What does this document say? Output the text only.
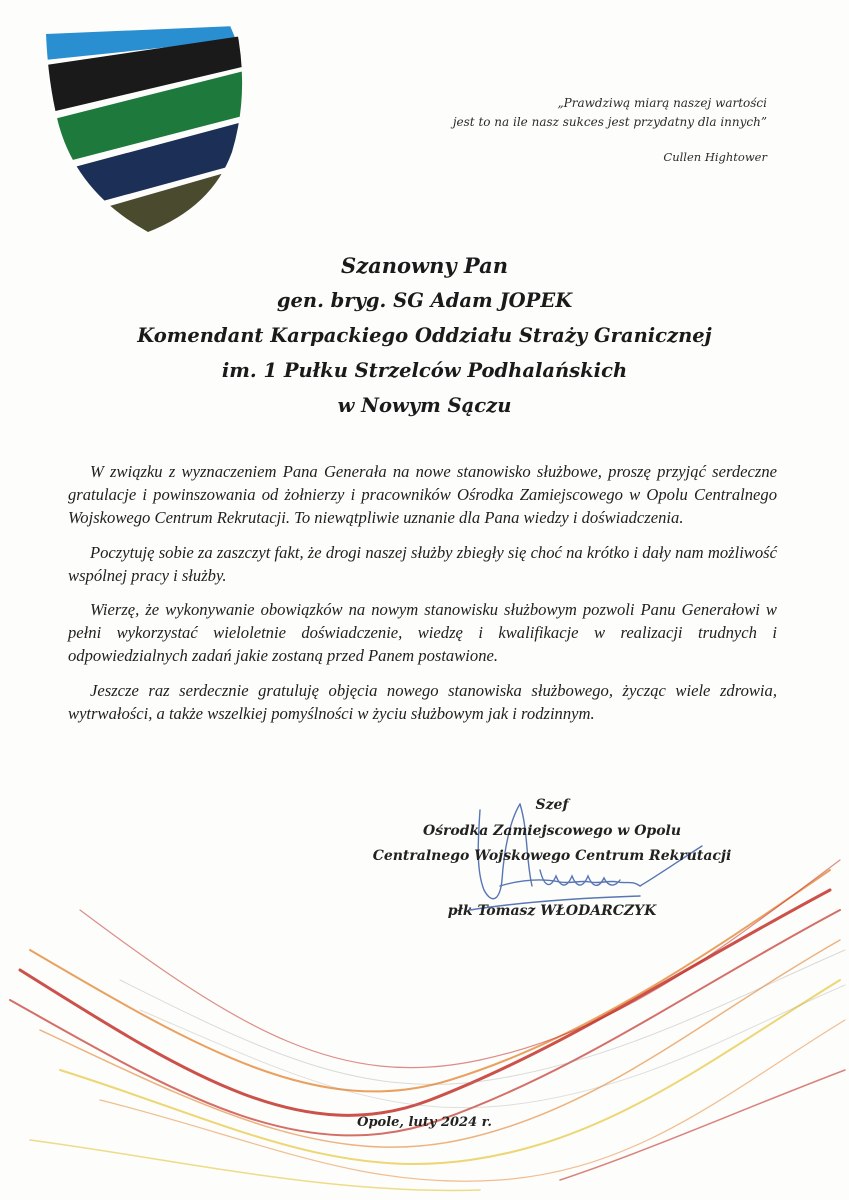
„Prawdziwą miarą naszej wartości
jest to na ile nasz sukces jest przydatny dla innych”
Cullen Hightower
Szanowny Pan
gen. bryg. SG Adam JOPEK
Komendant Karpackiego Oddziału Straży Granicznej
im. 1 Pułku Strzelców Podhalańskich
w Nowym Sączu

W związku z wyznaczeniem Pana Generała na nowe stanowisko służbowe, proszę przyjąć serdeczne gratulacje i powinszowania od żołnierzy i pracowników Ośrodka Zamiejscowego w Opolu Centralnego Wojskowego Centrum Rekrutacji. To niewątpliwie uznanie dla Pana wiedzy i doświadczenia.

Poczytuję sobie za zaszczyt fakt, że drogi naszej służby zbiegły się choć na krótko i dały nam możliwość wspólnej pracy i służby.

Wierzę, że wykonywanie obowiązków na nowym stanowisku służbowym pozwoli Panu Generałowi w pełni wykorzystać wieloletnie doświadczenie, wiedzę i kwalifikacje w realizacji trudnych i odpowiedzialnych zadań jakie zostaną przed Panem postawione.

Jeszcze raz serdecznie gratuluję objęcia nowego stanowiska służbowego, życząc wiele zdrowia, wytrwałości, a także wszelkiej pomyślności w życiu służbowym jak i rodzinnym.

Szef
Ośrodka Zamiejscowego w Opolu
Centralnego Wojskowego Centrum Rekrutacji
płk Tomasz WŁODARCZYK
Opole, luty 2024 r.
